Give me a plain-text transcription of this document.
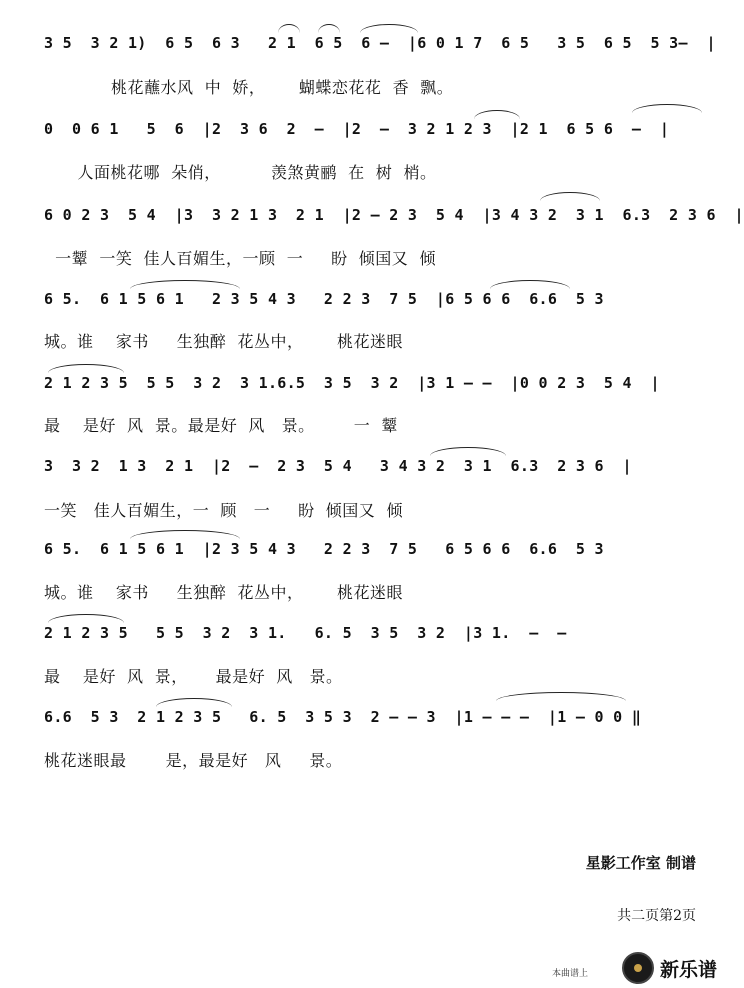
3 5  3 2 1)  6 5  6 3   2 1  6 5  6 –  |6 0 1 7  6 5   3 5  6 5  5 3–  |
桃花蘸水风  中  娇，      蝴蝶恋花花  香  飘。
0  0 6 1   5  6  |2  3 6  2  –  |2  –  3 2 1 2 3  |2 1  6 5 6  –  |
人面桃花哪  朵俏，         羡煞黄鹂  在  树  梢。
6 0 2 3  5 4  |3  3 2 1 3  2 1  |2 – 2 3  5 4  |3 4 3 2  3 1  6.3  2 3 6  |
一颦  一笑  佳人百媚生，一顾  一     盼  倾国又  倾
6 5.  6 1 5 6 1   2 3 5 4 3   2 2 3  7 5  |6 5 6 6  6.6  5 3
城。谁    家书     生独醉  花丛中，      桃花迷眼
2 1 2 3 5  5 5  3 2  3 1.6.5  3 5  3 2  |3 1 – –  |0 0 2 3  5 4  |
最    是好  风  景。最是好  风   景。       一  颦
3  3 2  1 3  2 1  |2  –  2 3  5 4   3 4 3 2  3 1  6.3  2 3 6  |
一笑   佳人百媚生，一  顾   一     盼  倾国又  倾
6 5.  6 1 5 6 1  |2 3 5 4 3   2 2 3  7 5   6 5 6 6  6.6  5 3
城。谁    家书     生独醉  花丛中，      桃花迷眼
2 1 2 3 5   5 5  3 2  3 1.   6. 5  3 5  3 2  |3 1.  –  –
最    是好  风  景，     最是好  风   景。
6.6  5 3  2 1 2 3 5   6. 5  3 5 3  2 – – 3  |1 – – –  |1 – 0 0 ‖
桃花迷眼最       是，最是好   风     景。
星影工作室 制谱
共二页第2页
本曲谱上	新乐谱
